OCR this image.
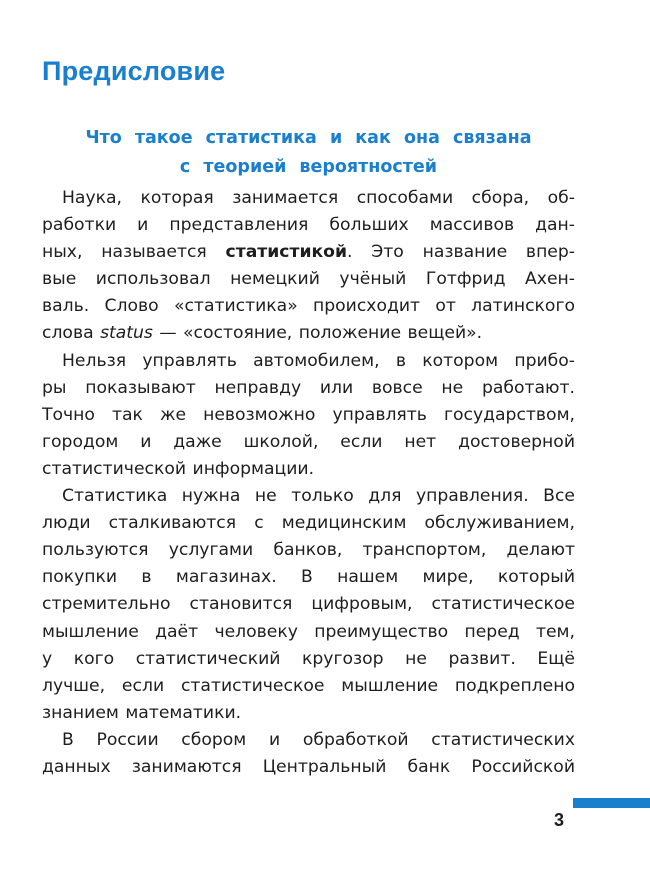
Предисловие
Что такое статистика и как она связана
с теорией вероятностей

Наука, которая занимается способами сбора, об-
работки и представления больших массивов дан-
ных, называется статистикой. Это название впер-
вые использовал немецкий учёный Готфрид Ахен-
валь. Слово «статистика» происходит от латинского
слова status — «состояние, положение вещей».

Нельзя управлять автомобилем, в котором прибо-
ры показывают неправду или вовсе не работают.
Точно так же невозможно управлять государством,
городом и даже школой, если нет достоверной
статистической информации.

Статистика нужна не только для управления. Все
люди сталкиваются с медицинским обслуживанием,
пользуются услугами банков, транспортом, делают
покупки в магазинах. В нашем мире, который
стремительно становится цифровым, статистическое
мышление даёт человеку преимущество перед тем,
у кого статистический кругозор не развит. Ещё
лучше, если статистическое мышление подкреплено
знанием математики.

В России сбором и обработкой статистических
данных занимаются Центральный банк Российской

3
